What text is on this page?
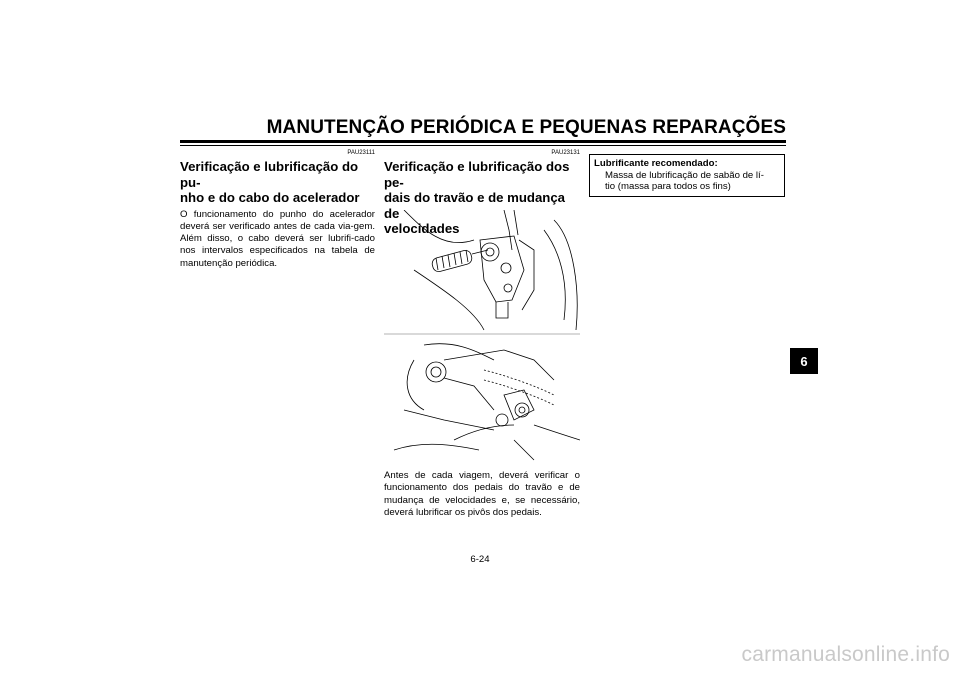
MANUTENÇÃO PERIÓDICA E PEQUENAS REPARAÇÕES
PAU23111
Verificação e lubrificação do pu-
nho e do cabo do acelerador

O funcionamento do punho do acelerador deverá ser verificado antes de cada via-gem. Além disso, o cabo deverá ser lubrifi-cado nos intervalos especificados na tabela de manutenção periódica.

PAU23131
Verificação e lubrificação dos pe-
dais do travão e de mudança de
velocidades

Antes de cada viagem, deverá verificar o funcionamento dos pedais do travão e de mudança de velocidades e, se necessário, deverá lubrificar os pivôs dos pedais.

Lubrificante recomendado:
Massa de lubrificação de sabão de lí-
tio (massa para todos os fins)
6
6-24
carmanualsonline.info
